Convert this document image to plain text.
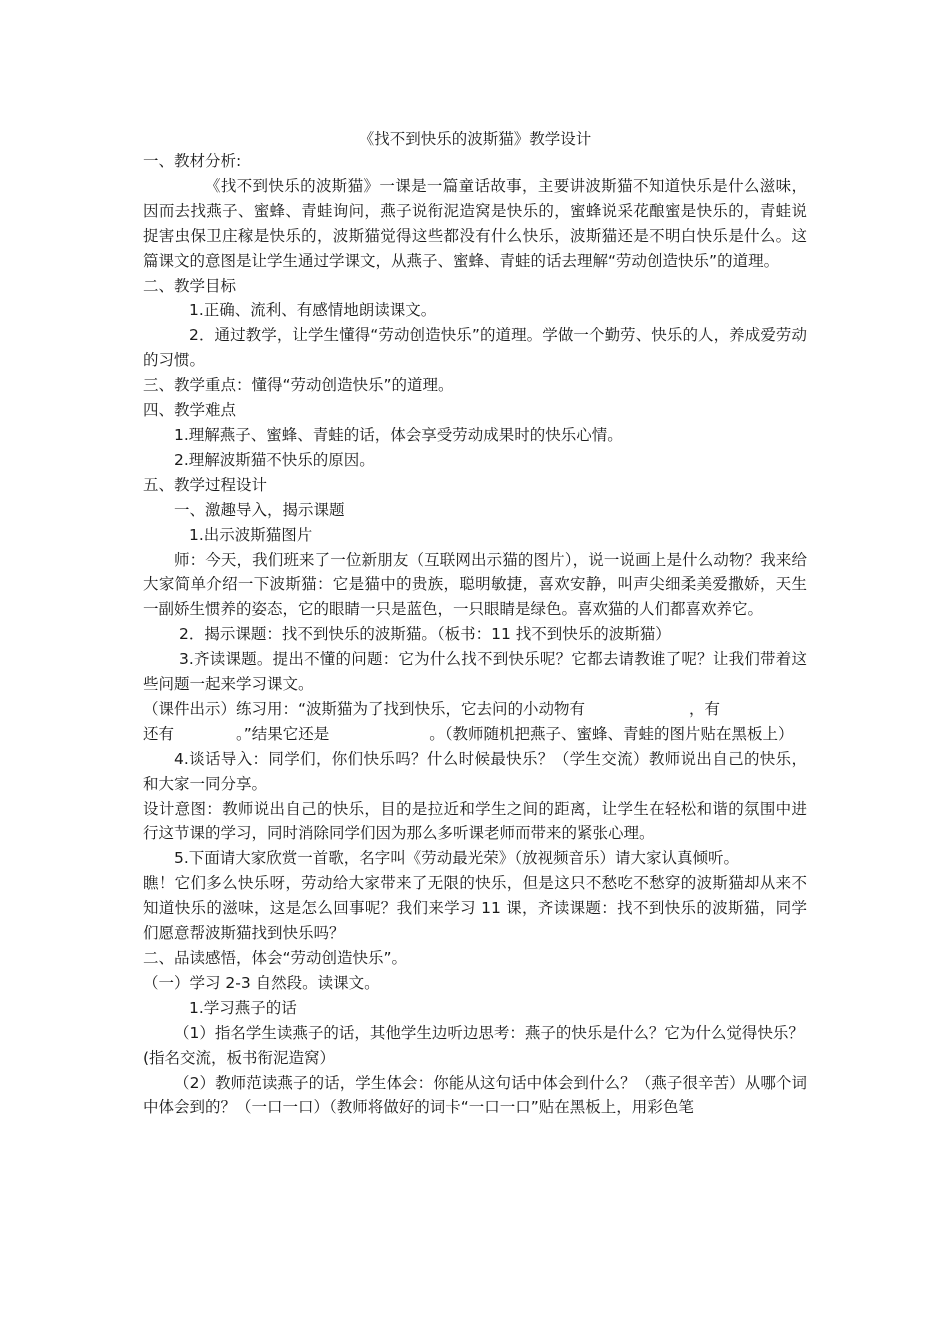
《找不到快乐的波斯猫》教学设计

一、教材分析:

《找不到快乐的波斯猫》一课是一篇童话故事，主要讲波斯猫不知道快乐是什么滋味，因而去找燕子、蜜蜂、青蛙询问，燕子说衔泥造窝是快乐的，蜜蜂说采花酿蜜是快乐的，青蛙说捉害虫保卫庄稼是快乐的，波斯猫觉得这些都没有什么快乐，波斯猫还是不明白快乐是什么。这篇课文的意图是让学生通过学课文，从燕子、蜜蜂、青蛙的话去理解“劳动创造快乐”的道理。

二、教学目标

1.正确、流利、有感情地朗读课文。

2．通过教学，让学生懂得“劳动创造快乐”的道理。学做一个勤劳、快乐的人，养成爱劳动的习惯。

三、教学重点：懂得“劳动创造快乐”的道理。

四、教学难点

1.理解燕子、蜜蜂、青蛙的话，体会享受劳动成果时的快乐心情。

2.理解波斯猫不快乐的原因。

五、教学过程设计

一、激趣导入，揭示课题

1.出示波斯猫图片

师：今天，我们班来了一位新朋友（互联网出示猫的图片），说一说画上是什么动物？我来给大家简单介绍一下波斯猫：它是猫中的贵族，聪明敏捷，喜欢安静，叫声尖细柔美爱撒娇，天生一副娇生惯养的姿态，它的眼睛一只是蓝色，一只眼睛是绿色。喜欢猫的人们都喜欢养它。

2．揭示课题：找不到快乐的波斯猫。（板书：11 找不到快乐的波斯猫）

3.齐读课题。提出不懂的问题：它为什么找不到快乐呢？它都去请教谁了呢？让我们带着这些问题一起来学习课文。

（课件出示）练习用：“波斯猫为了找到快乐，它去问的小动物有	，有

还有	。”结果它还是	。（教师随机把燕子、蜜蜂、青蛙的图片贴在黑板上）

4.谈话导入：同学们，你们快乐吗？什么时候最快乐？（学生交流）教师说出自己的快乐，和大家一同分享。

设计意图：教师说出自己的快乐，目的是拉近和学生之间的距离，让学生在轻松和谐的氛围中进行这节课的学习，同时消除同学们因为那么多听课老师而带来的紧张心理。

5.下面请大家欣赏一首歌，名字叫《劳动最光荣》（放视频音乐）请大家认真倾听。

瞧！它们多么快乐呀，劳动给大家带来了无限的快乐，但是这只不愁吃不愁穿的波斯猫却从来不知道快乐的滋味，这是怎么回事呢？我们来学习 11 课，齐读课题：找不到快乐的波斯猫，同学们愿意帮波斯猫找到快乐吗？

二、品读感悟，体会“劳动创造快乐”。

（一）学习 2-3 自然段。读课文。

1.学习燕子的话

（1）指名学生读燕子的话，其他学生边听边思考：燕子的快乐是什么？它为什么觉得快乐？

(指名交流，板书衔泥造窝）

（2）教师范读燕子的话，学生体会：你能从这句话中体会到什么？（燕子很辛苦）从哪个词中体会到的？（一口一口）（教师将做好的词卡“一口一口”贴在黑板上，用彩色笔
